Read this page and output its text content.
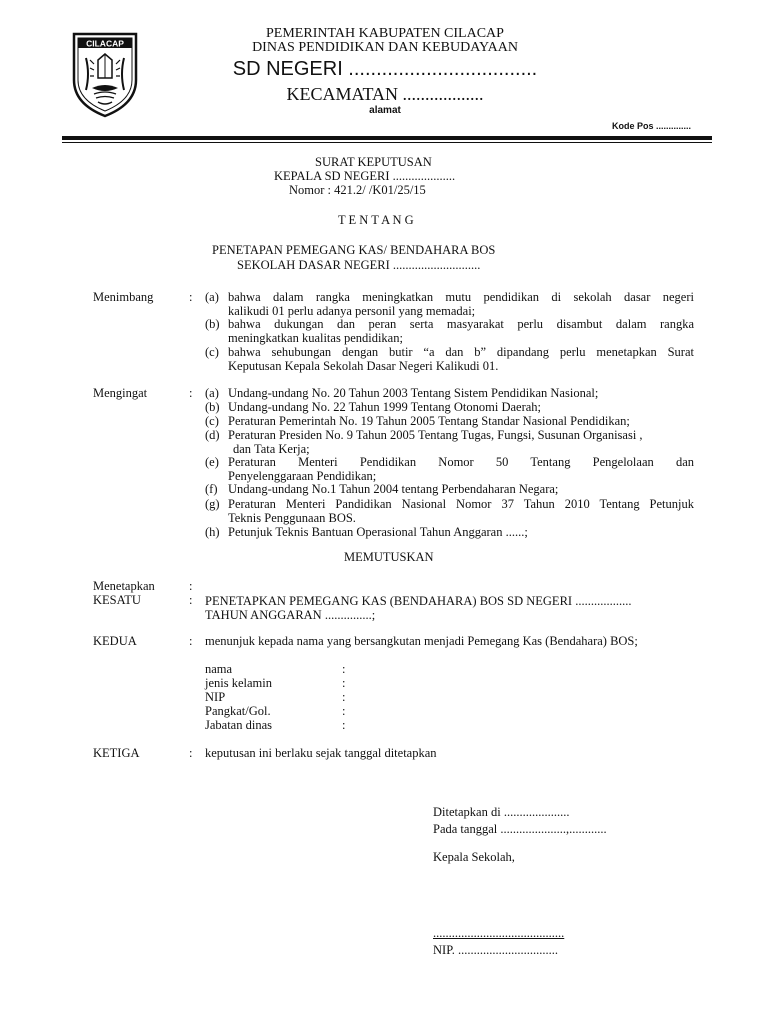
CILACAP
PEMERINTAH KABUPATEN CILACAP
DINAS PENDIDIKAN DAN KEBUDAYAAN
SD NEGERI ..................................
KECAMATAN ..................
alamat
Kode Pos ..............
SURAT KEPUTUSAN
KEPALA SD NEGERI ....................
Nomor : 421.2/ /K01/25/15
T E N T A N G
PENETAPAN PEMEGANG KAS/ BENDAHARA BOS
SEKOLAH DASAR NEGERI ............................
Menimbang	: (a) bahwa dalam rangka meningkatkan mutu pendidikan di sekolah dasar negeri
kalikudi 01 perlu adanya personil yang memadai;
(b) bahwa dukungan dan peran serta masyarakat perlu disambut dalam rangka
meningkatkan kualitas pendidikan;
(c) bahwa sehubungan dengan butir “a dan b” dipandang perlu menetapkan Surat
Keputusan Kepala Sekolah Dasar Negeri Kalikudi 01.
Mengingat	: (a) Undang-undang No. 20 Tahun 2003 Tentang Sistem Pendidikan Nasional;
(b) Undang-undang No. 22 Tahun 1999 Tentang Otonomi Daerah;
(c) Peraturan Pemerintah No. 19 Tahun 2005 Tentang Standar Nasional Pendidikan;
(d) Peraturan Presiden No. 9 Tahun 2005 Tentang Tugas, Fungsi, Susunan Organisasi ,
dan Tata Kerja;
(e) Peraturan Menteri Pendidikan Nomor 50 Tentang Pengelolaan dan
Penyelenggaraan Pendidikan;
(f) Undang-undang No.1 Tahun 2004 tentang Perbendaharan Negara;
(g) Peraturan Menteri Pandidikan Nasional Nomor 37 Tahun 2010 Tentang Petunjuk
Teknis Penggunaan BOS.
(h) Petunjuk Teknis Bantuan Operasional Tahun Anggaran ......;
MEMUTUSKAN
Menetapkan	:
KESATU	: PENETAPKAN PEMEGANG KAS (BENDAHARA) BOS SD NEGERI ..................
TAHUN ANGGARAN ...............;
KEDUA	: menunjuk kepada nama yang bersangkutan menjadi Pemegang Kas (Bendahara) BOS;
nama	:
jenis kelamin	:
NIP	:
Pangkat/Gol.	:
Jabatan dinas	:
KETIGA	: keputusan ini berlaku sejak tanggal ditetapkan
Ditetapkan di .....................
Pada tanggal .....................,............
Kepala Sekolah,
..........................................
NIP. ................................
